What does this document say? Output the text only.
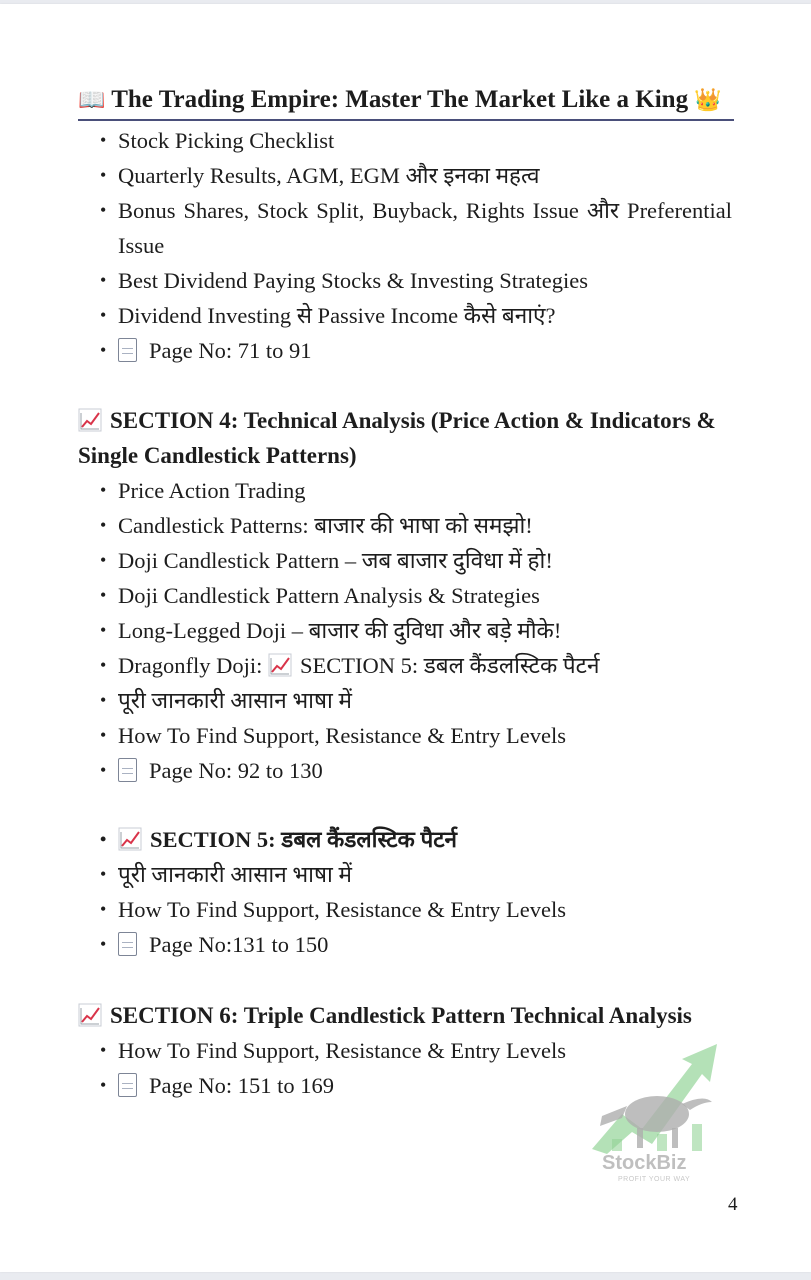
📖 The Trading Empire: Master The Market Like a King 👑
• Stock Picking Checklist
• Quarterly Results, AGM, EGM और इनका महत्व
• Bonus Shares, Stock Split, Buyback, Rights Issue और Preferential Issue
• Best Dividend Paying Stocks & Investing Strategies
• Dividend Investing से Passive Income कैसे बनाएं?
• Page No: 71 to 91
SECTION 4: Technical Analysis (Price Action & Indicators & Single Candlestick Patterns)
• Price Action Trading
• Candlestick Patterns: बाजार की भाषा को समझो!
• Doji Candlestick Pattern – जब बाजार दुविधा में हो!
• Doji Candlestick Pattern Analysis & Strategies
• Long-Legged Doji – बाजार की दुविधा और बड़े मौके!
• Dragonfly Doji: SECTION 5: डबल कैंडलस्टिक पैटर्न
• पूरी जानकारी आसान भाषा में
• How To Find Support, Resistance & Entry Levels
• Page No: 92 to 130
• SECTION 5: डबल कैंडलस्टिक पैटर्न
• पूरी जानकारी आसान भाषा में
• How To Find Support, Resistance & Entry Levels
• Page No:131 to 150
SECTION 6: Triple Candlestick Pattern Technical Analysis
• How To Find Support, Resistance & Entry Levels
• Page No: 151 to 169
StockBiz
PROFIT YOUR WAY
4
